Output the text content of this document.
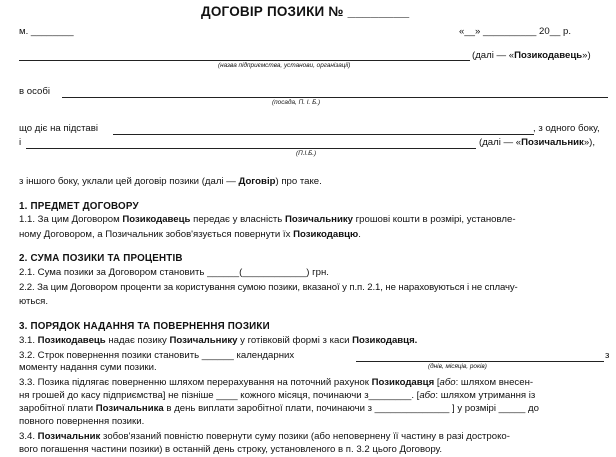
ДОГОВІР ПОЗИКИ № ________
м. ________	«__» __________ 20__ р.
(далі — «Позикодавець»)
(назва підприємства, установи, організації)
в особі
(посада, П. І. Б.)
що діє на підставі	, з одного боку,
і	(далі — «Позичальник»),
(П.І.Б.)
з іншого боку, уклали цей договір позики (далі — Договір) про таке.
1. ПРЕДМЕТ ДОГОВОРУ
1.1. За цим Договором Позикодавець передає у власність Позичальнику грошові кошти в розмірі, установле-
ному Договором, а Позичальник зобов'язується повернути їх Позикодавцю.
2. СУМА ПОЗИКИ ТА ПРОЦЕНТІВ
2.1. Сума позики за Договором становить ______(____________) грн.
2.2. За цим Договором проценти за користування сумою позики, вказаної у п.п. 2.1, не нараховуються і не сплачу-
ються.
3. ПОРЯДОК НАДАННЯ ТА ПОВЕРНЕННЯ ПОЗИКИ
3.1. Позикодавець надає позику Позичальнику у готівковій формі з каси Позикодавця.
3.2. Строк повернення позики становить ______ календарних	з
(днів, місяців, років)
моменту надання суми позики.
3.3. Позика підлягає поверненню шляхом перерахування на поточний рахунок Позикодавця [або: шляхом внесен-
ня грошей до касу підприємства] не пізніше ____ кожного місяця, починаючи з________. [або: шляхом утримання із
заробітної плати Позичальника в день виплати заробітної плати, починаючи з ______________ ] у розмірі _____ до
повного повернення позики.
3.4. Позичальник зобов'язаний повністю повернути суму позики (або неповернену її частину в разі достроко-
вого погашення частини позики) в останній день строку, установленого в п. 3.2 цього Договору.
